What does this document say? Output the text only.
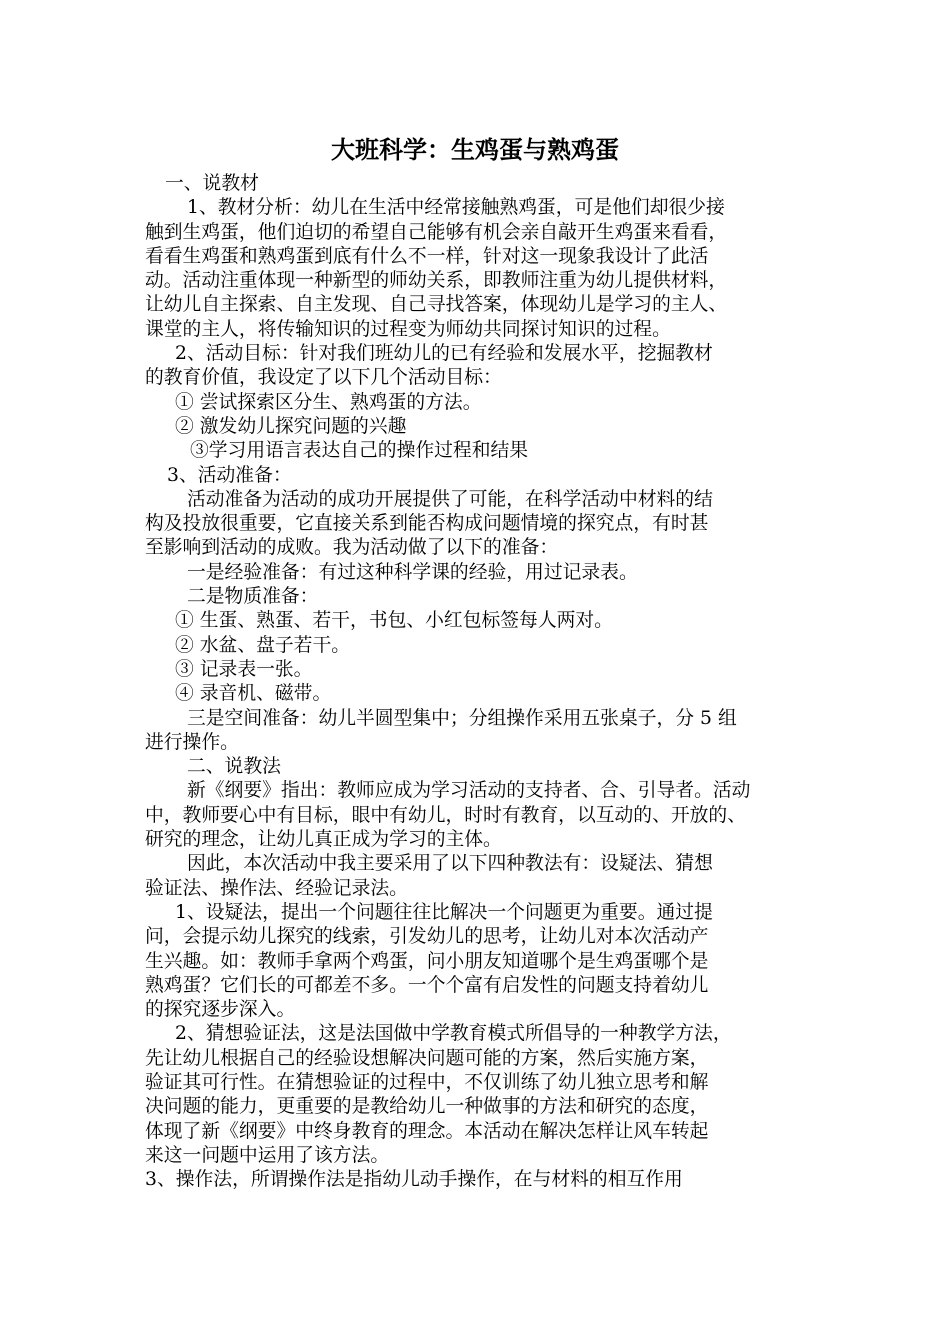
大班科学：生鸡蛋与熟鸡蛋
一、说教材
1、教材分析：幼儿在生活中经常接触熟鸡蛋，可是他们却很少接
触到生鸡蛋，他们迫切的希望自己能够有机会亲自敲开生鸡蛋来看看，
看看生鸡蛋和熟鸡蛋到底有什么不一样，针对这一现象我设计了此活
动。活动注重体现一种新型的师幼关系，即教师注重为幼儿提供材料，
让幼儿自主探索、自主发现、自己寻找答案，体现幼儿是学习的主人、
课堂的主人，将传输知识的过程变为师幼共同探讨知识的过程。
2、活动目标：针对我们班幼儿的已有经验和发展水平，挖掘教材
的教育价值，我设定了以下几个活动目标：
① 尝试探索区分生、熟鸡蛋的方法。
② 激发幼儿探究问题的兴趣
③学习用语言表达自己的操作过程和结果
3、活动准备：
活动准备为活动的成功开展提供了可能，在科学活动中材料的结
构及投放很重要，它直接关系到能否构成问题情境的探究点，有时甚
至影响到活动的成败。我为活动做了以下的准备：
一是经验准备：有过这种科学课的经验，用过记录表。
二是物质准备：
① 生蛋、熟蛋、若干，书包、小红包标签每人两对。
② 水盆、盘子若干。
③ 记录表一张。
④ 录音机、磁带。
三是空间准备：幼儿半圆型集中；分组操作采用五张桌子，分 5 组
进行操作。
二、说教法
新《纲要》指出：教师应成为学习活动的支持者、合、引导者。活动
中，教师要心中有目标，眼中有幼儿，时时有教育，以互动的、开放的、
研究的理念，让幼儿真正成为学习的主体。
因此，本次活动中我主要采用了以下四种教法有：设疑法、猜想
验证法、操作法、经验记录法。
1、设疑法，提出一个问题往往比解决一个问题更为重要。通过提
问，会提示幼儿探究的线索，引发幼儿的思考，让幼儿对本次活动产
生兴趣。如：教师手拿两个鸡蛋，问小朋友知道哪个是生鸡蛋哪个是
熟鸡蛋？它们长的可都差不多。一个个富有启发性的问题支持着幼儿
的探究逐步深入。
2、猜想验证法，这是法国做中学教育模式所倡导的一种教学方法，
先让幼儿根据自己的经验设想解决问题可能的方案，然后实施方案，
验证其可行性。在猜想验证的过程中，不仅训练了幼儿独立思考和解
决问题的能力，更重要的是教给幼儿一种做事的方法和研究的态度，
体现了新《纲要》中终身教育的理念。本活动在解决怎样让风车转起
来这一问题中运用了该方法。
3、操作法，所谓操作法是指幼儿动手操作，在与材料的相互作用
